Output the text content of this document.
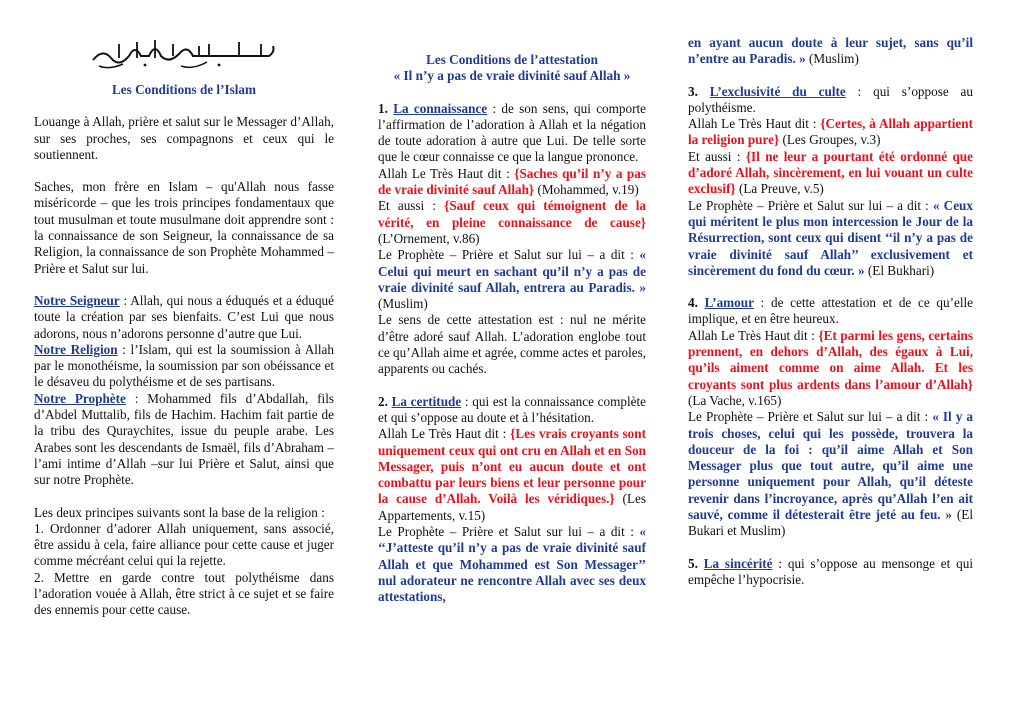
Les Conditions de l’Islam

Louange à Allah, prière et salut sur le Messager d’Allah, sur ses proches, ses compagnons et ceux qui le soutiennent.

Saches, mon frère en Islam – qu'Allah nous fasse miséricorde – que les trois principes fondamentaux que tout musulman et toute musulmane doit apprendre sont : la connaissance de son Seigneur, la connaissance de sa Religion, la connaissance de son Prophète Mohammed – Prière et Salut sur lui.

Notre Seigneur : Allah, qui nous a éduqués et a éduqué toute la création par ses bienfaits. C’est Lui que nous adorons, nous n’adorons personne d’autre que Lui.

Notre Religion : l’Islam, qui est la soumission à Allah par le monothéisme, la soumission par son obéissance et le désaveu du polythéisme et de ses partisans.

Notre Prophète : Mohammed fils d’Abdallah, fils d’Abdel Muttalib, fils de Hachim. Hachim fait partie de la tribu des Quraychites, issue du peuple arabe. Les Arabes sont les descendants de Ismaël, fils d’Abraham – l’ami intime d’Allah –sur lui Prière et Salut, ainsi que sur notre Prophète.

Les deux principes suivants sont la base de la religion :

1. Ordonner d’adorer Allah uniquement, sans associé, être assidu à cela, faire alliance pour cette cause et juger comme mécréant celui qui la rejette.

2. Mettre en garde contre tout polythéisme dans l’adoration vouée à Allah, être strict à ce sujet et se faire des ennemis pour cette cause.

Les Conditions de l’attestation

« Il n’y a pas de vraie divinité sauf Allah »

1. La connaissance : de son sens, qui comporte l’affirmation de l’adoration à Allah et la négation de toute adoration à autre que Lui. De telle sorte que le cœur connaisse ce que la langue prononce.

Allah Le Très Haut dit : {Saches qu’il n’y a pas de vraie divinité sauf Allah} (Mohammed, v.19)

Et aussi : {Sauf ceux qui témoignent de la vérité, en pleine connaissance de cause} (L’Ornement, v.86)

Le Prophète – Prière et Salut sur lui – a dit : « Celui qui meurt en sachant qu’il n’y a pas de vraie divinité sauf Allah, entrera au Paradis. » (Muslim)

Le sens de cette attestation est : nul ne mérite d’être adoré sauf Allah. L’adoration englobe tout ce qu’Allah aime et agrée, comme actes et paroles, apparents ou cachés.

2. La certitude : qui est la connaissance complète et qui s’oppose au doute et à l’hésitation.

Allah Le Très Haut dit : {Les vrais croyants sont uniquement ceux qui ont cru en Allah et en Son Messager, puis n’ont eu aucun doute et ont combattu par leurs biens et leur personne pour la cause d’Allah. Voilà les véridiques.} (Les Appartements, v.15)

Le Prophète – Prière et Salut sur lui – a dit : « ‘‘J’atteste qu’il n’y a pas de vraie divinité sauf Allah et que Mohammed est Son Messager’’ nul adorateur ne rencontre Allah avec ses deux attestations,

en ayant aucun doute à leur sujet, sans qu’il n’entre au Paradis. » (Muslim)

3. L’exclusivité du culte : qui s’oppose au polythéisme.

Allah Le Très Haut dit : {Certes, à Allah appartient la religion pure} (Les Groupes, v.3)

Et aussi : {Il ne leur a pourtant été ordonné que d’adoré Allah, sincèrement, en lui vouant un culte exclusif} (La Preuve, v.5)

Le Prophète – Prière et Salut sur lui – a dit : « Ceux qui méritent le plus mon intercession le Jour de la Résurrection, sont ceux qui disent ‘‘il n’y a pas de vraie divinité sauf Allah’’ exclusivement et sincèrement du fond du cœur. » (El Bukhari)

4. L’amour : de cette attestation et de ce qu’elle implique, et en être heureux.

Allah Le Très Haut dit : {Et parmi les gens, certains prennent, en dehors d’Allah, des égaux à Lui, qu’ils aiment comme on aime Allah. Et les croyants sont plus ardents dans l’amour d’Allah} (La Vache, v.165)

Le Prophète – Prière et Salut sur lui – a dit : « Il y a trois choses, celui qui les possède, trouvera la douceur de la foi : qu’il aime Allah et Son Messager plus que tout autre, qu’il aime une personne uniquement pour Allah, qu’il déteste revenir dans l’incroyance, après qu’Allah l’en ait sauvé, comme il détesterait être jeté au feu. » (El Bukari et Muslim)

5. La sincérité : qui s’oppose au mensonge et qui empêche l’hypocrisie.
